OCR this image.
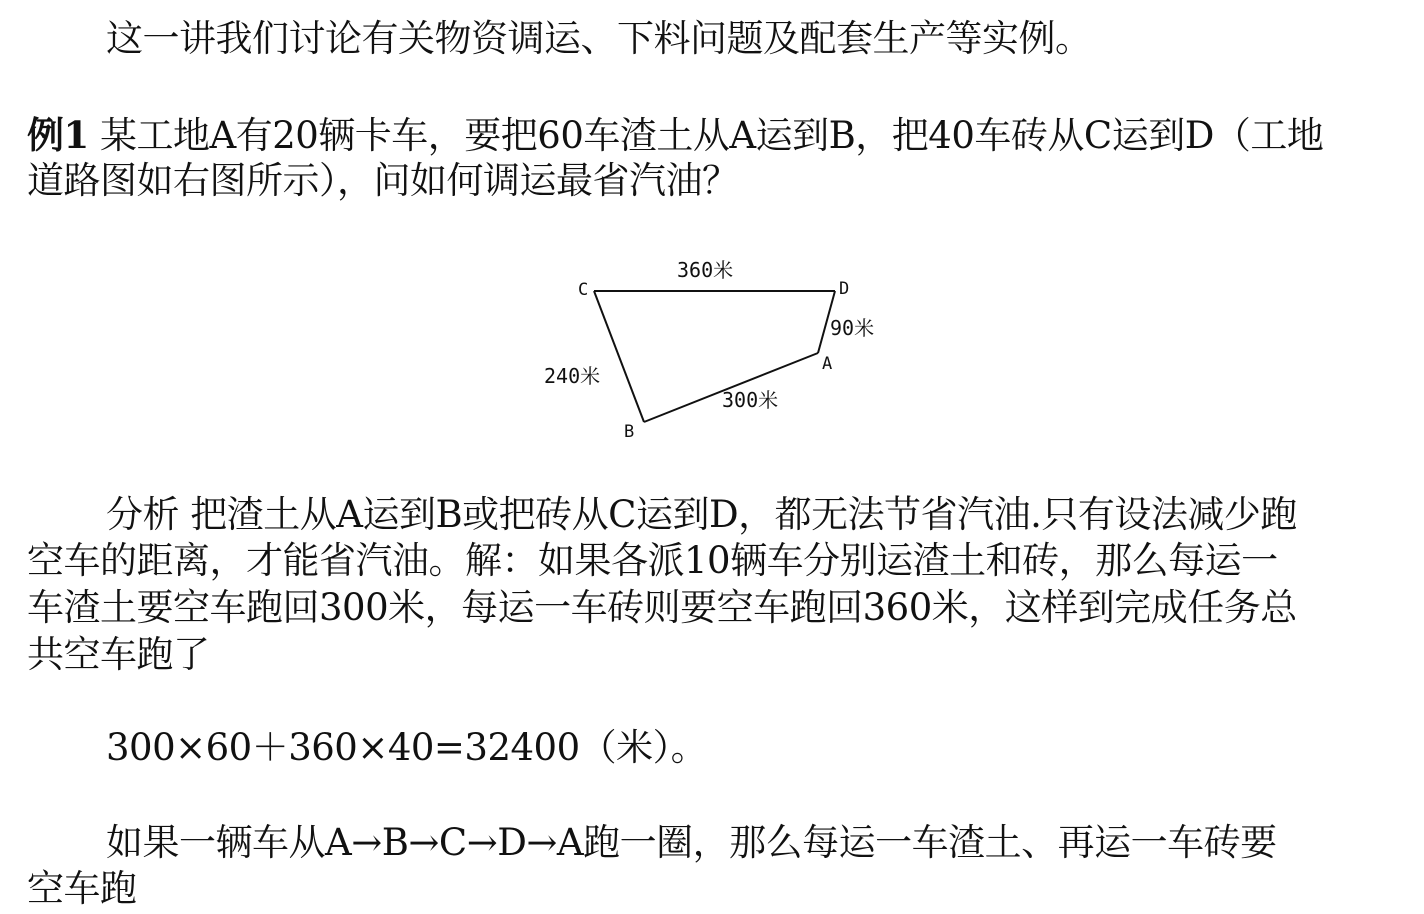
这一讲我们讨论有关物资调运、下料问题及配套生产等实例。
例1 某工地A有20辆卡车，要把60车渣土从A运到B，把40车砖从C运到D（工地
道路图如右图所示），问如何调运最省汽油？
C	D
A
B
360米
90米
240米
300米
分析 把渣土从A运到B或把砖从C运到D，都无法节省汽油.只有设法减少跑
空车的距离，才能省汽油。解：如果各派10辆车分别运渣土和砖，那么每运一
车渣土要空车跑回300米，每运一车砖则要空车跑回360米，这样到完成任务总
共空车跑了
300×60＋360×40=32400（米）。
如果一辆车从A→B→C→D→A跑一圈，那么每运一车渣土、再运一车砖要
空车跑
